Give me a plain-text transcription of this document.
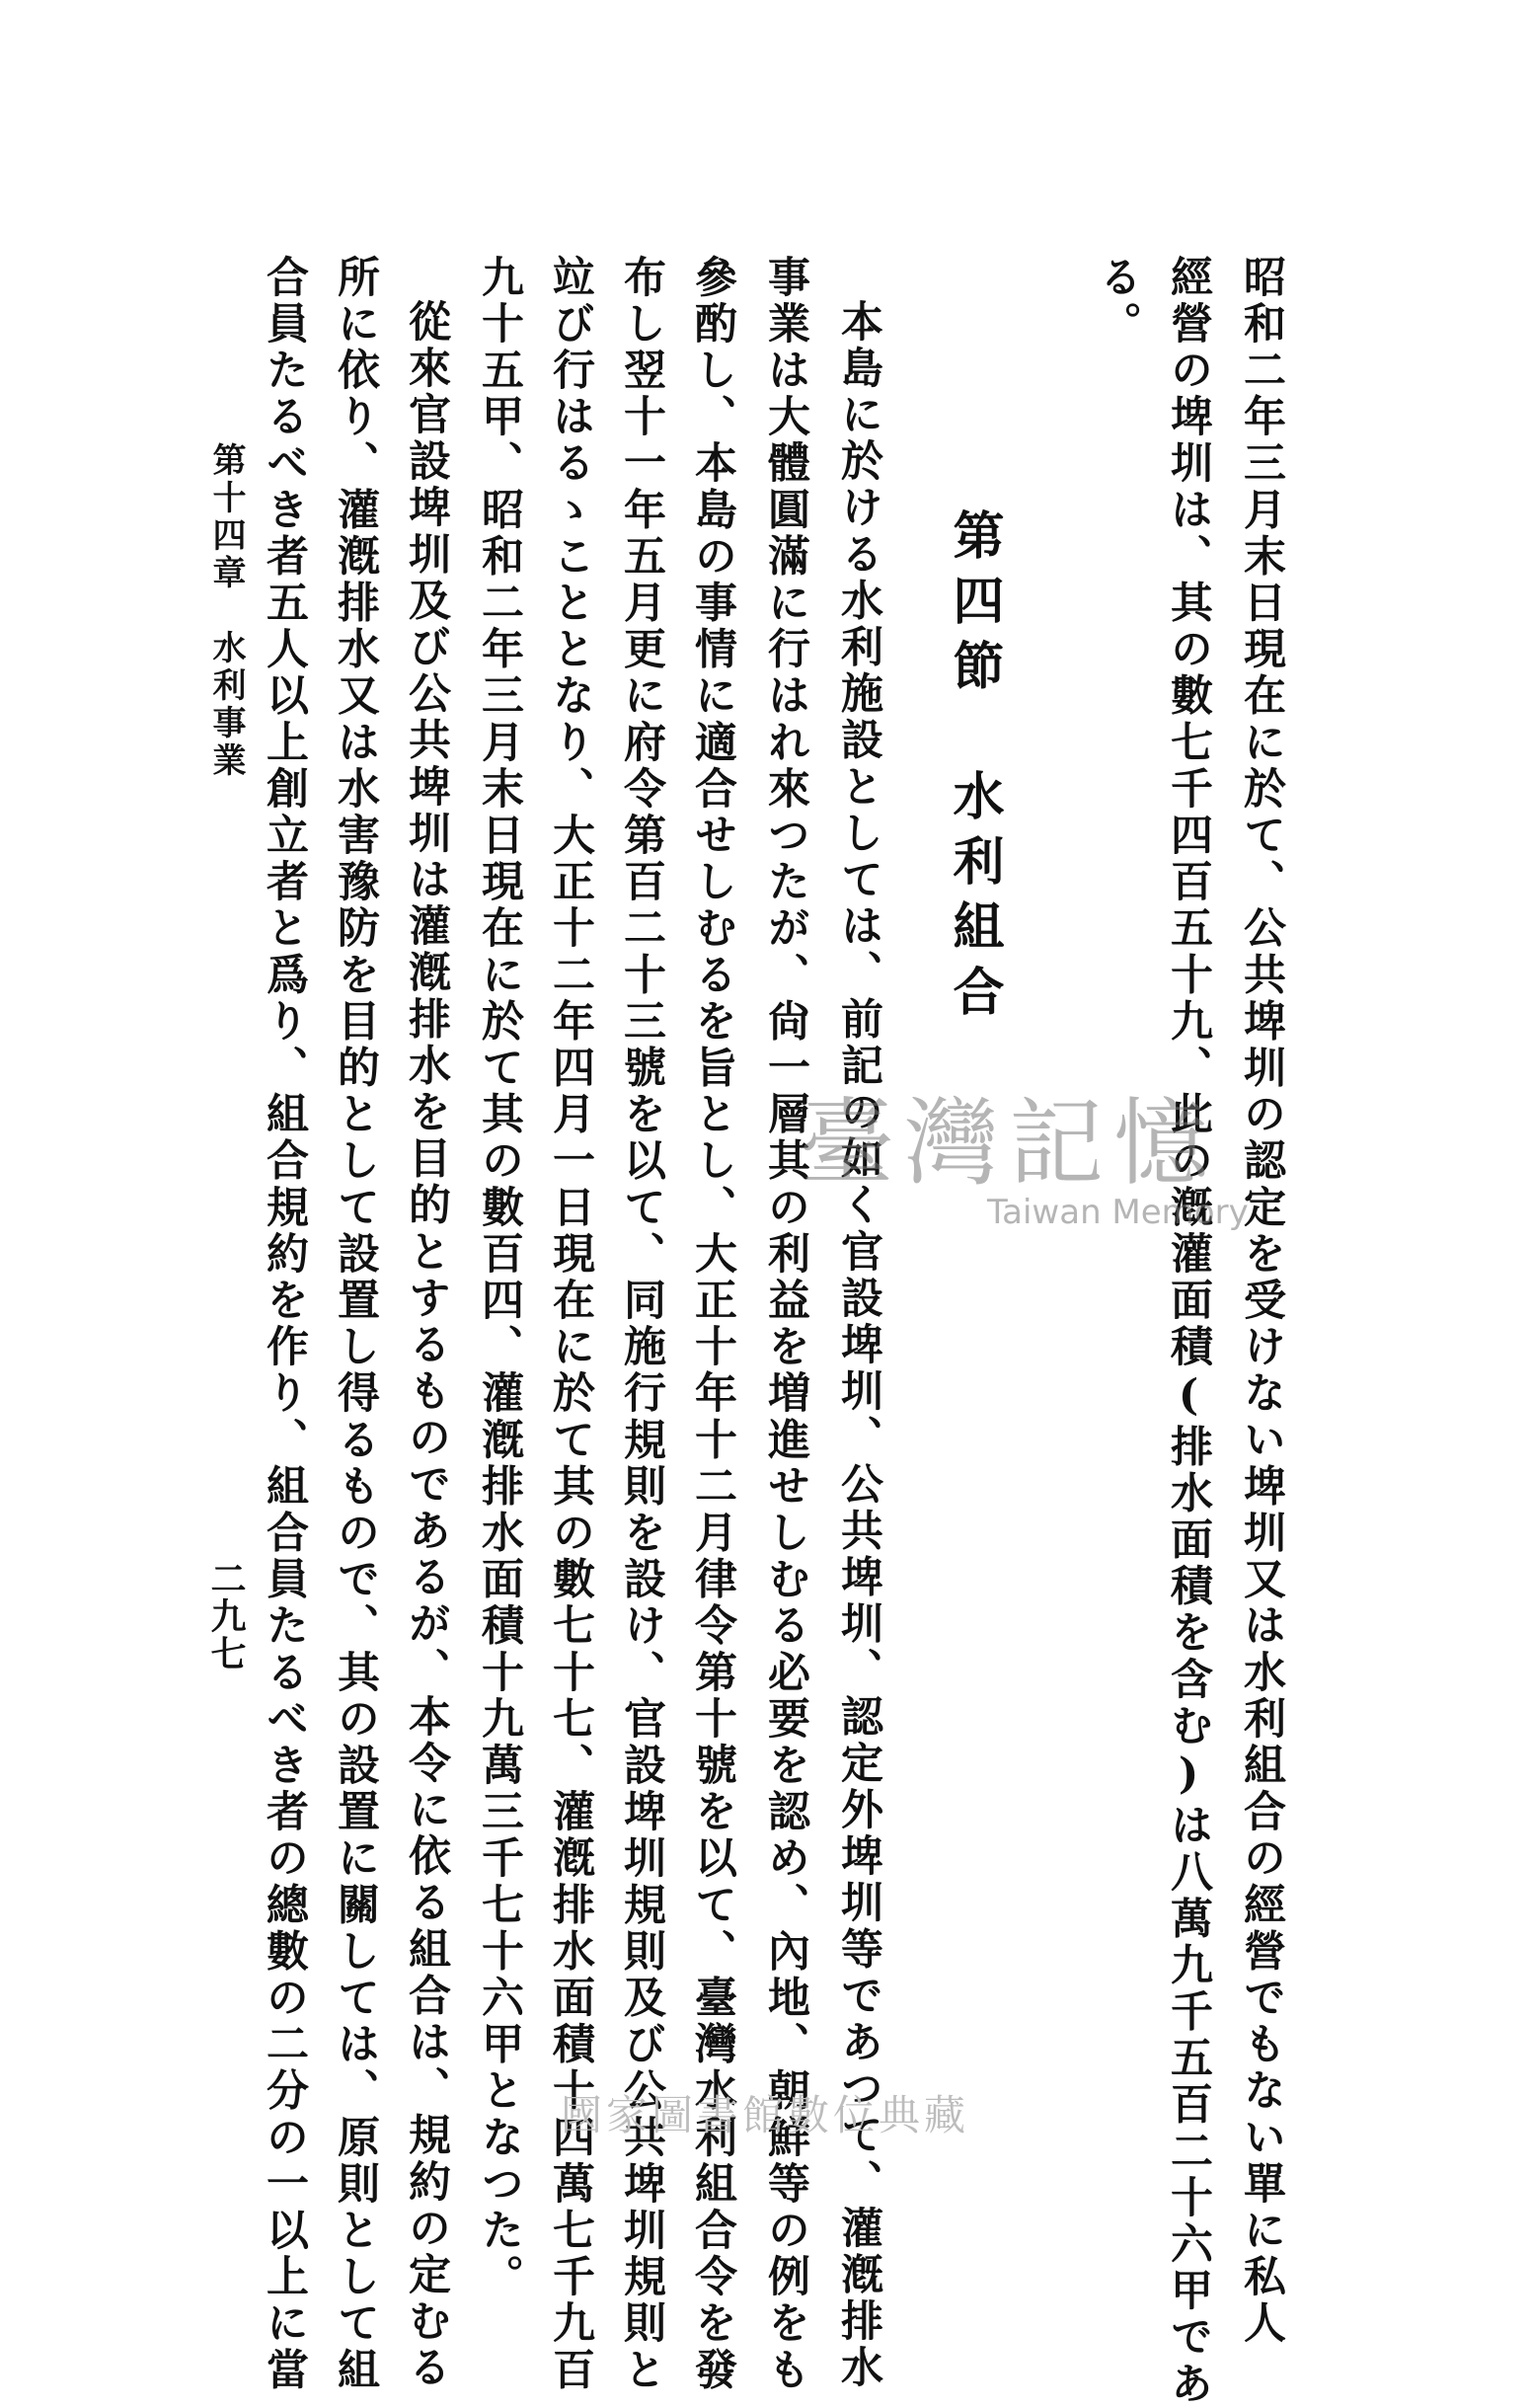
昭和二年三月末日現在に於て、公共埤圳の認定を受けない埤圳又は水利組合の經營でもない單に私人
經營の埤圳は、其の數七千四百五十九、此の漑灌面積(排水面積を含む)は八萬九千五百二十六甲であ
る。
第四節　水利組合
本島に於ける水利施設としては、前記の如く官設埤圳、公共埤圳、認定外埤圳等であつて、灌漑排水
事業は大體圓滿に行はれ來つたが、尙一層其の利益を増進せしむる必要を認め、內地、朝鮮等の例をも
參酌し、本島の事情に適合せしむるを旨とし、大正十年十二月律令第十號を以て、臺灣水利組合令を發
布し翌十一年五月更に府令第百二十三號を以て、同施行規則を設け、官設埤圳規則及び公共埤圳規則と
竝び行はるゝこととなり、大正十二年四月一日現在に於て其の數七十七、灌漑排水面積十四萬七千九百
九十五甲、昭和二年三月末日現在に於て其の數百四、灌漑排水面積十九萬三千七十六甲となつた。
從來官設埤圳及び公共埤圳は灌漑排水を目的とするものであるが、本令に依る組合は、規約の定むる
所に依り、灌漑排水又は水害豫防を目的として設置し得るもので、其の設置に關しては、原則として組
合員たるべき者五人以上創立者と爲り、組合規約を作り、組合員たるべき者の總數の二分の一以上に當
第十四章　水利事業
二九七
臺灣記憶
Taiwan Memory
國家圖書館數位典藏
